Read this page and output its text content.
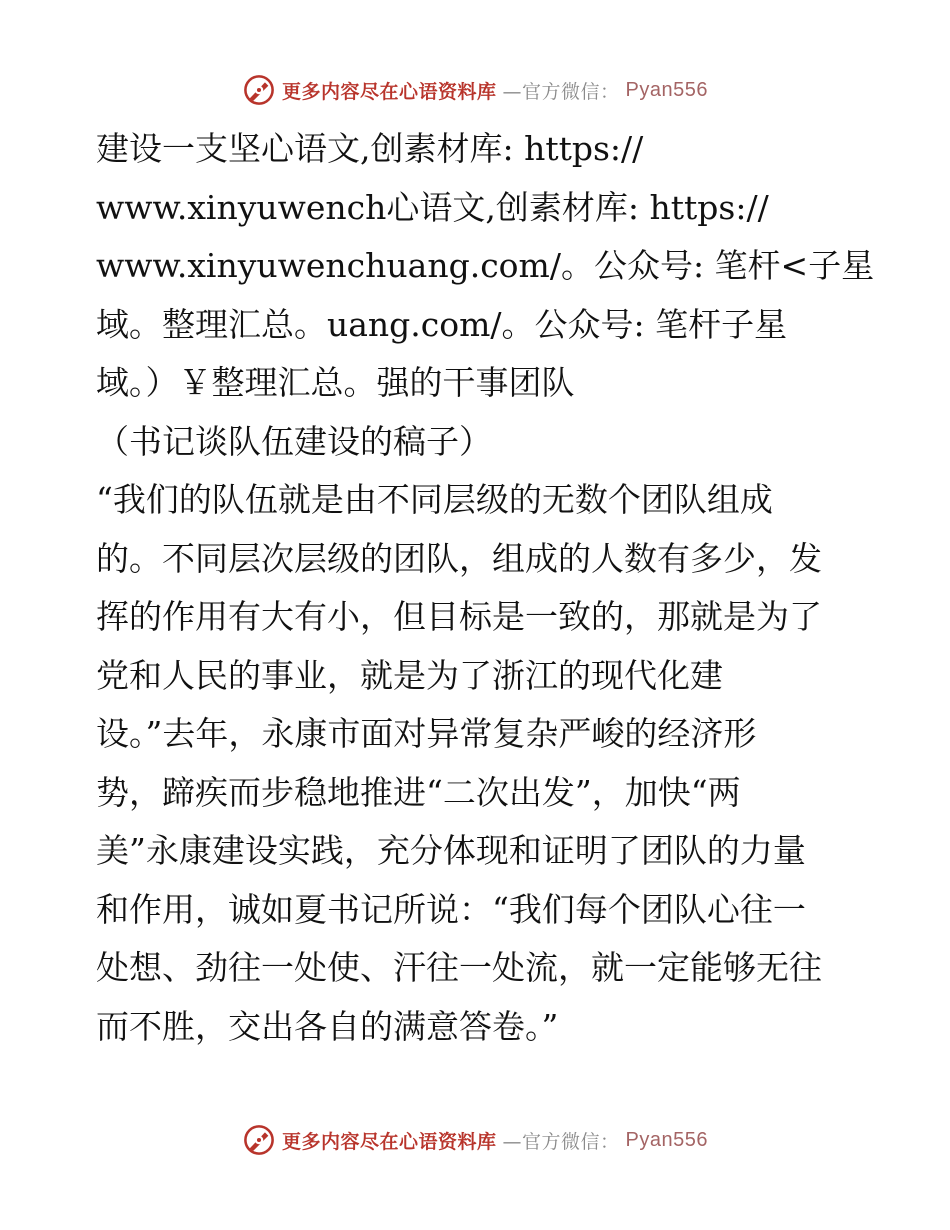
更多内容尽在心语资料库 —官方微信： Pyan556
建设一支坚心语文,创素材库: https://
www.xinyuwench心语文,创素材库: https://
www.xinyuwenchuang.com/。公众号: 笔杆<子星
域。整理汇总。uang.com/。公众号: 笔杆子星
域。）￥整理汇总。强的干事团队
（书记谈队伍建设的稿子）
“我们的队伍就是由不同层级的无数个团队组成
的。不同层次层级的团队，组成的人数有多少，发
挥的作用有大有小，但目标是一致的，那就是为了
党和人民的事业，就是为了浙江的现代化建
设。”去年，永康市面对异常复杂严峻的经济形
势，蹄疾而步稳地推进“二次出发”，加快“两
美”永康建设实践，充分体现和证明了团队的力量
和作用，诚如夏书记所说：“我们每个团队心往一
处想、劲往一处使、汗往一处流，就一定能够无往
而不胜，交出各自的满意答卷。”
更多内容尽在心语资料库 —官方微信： Pyan556
